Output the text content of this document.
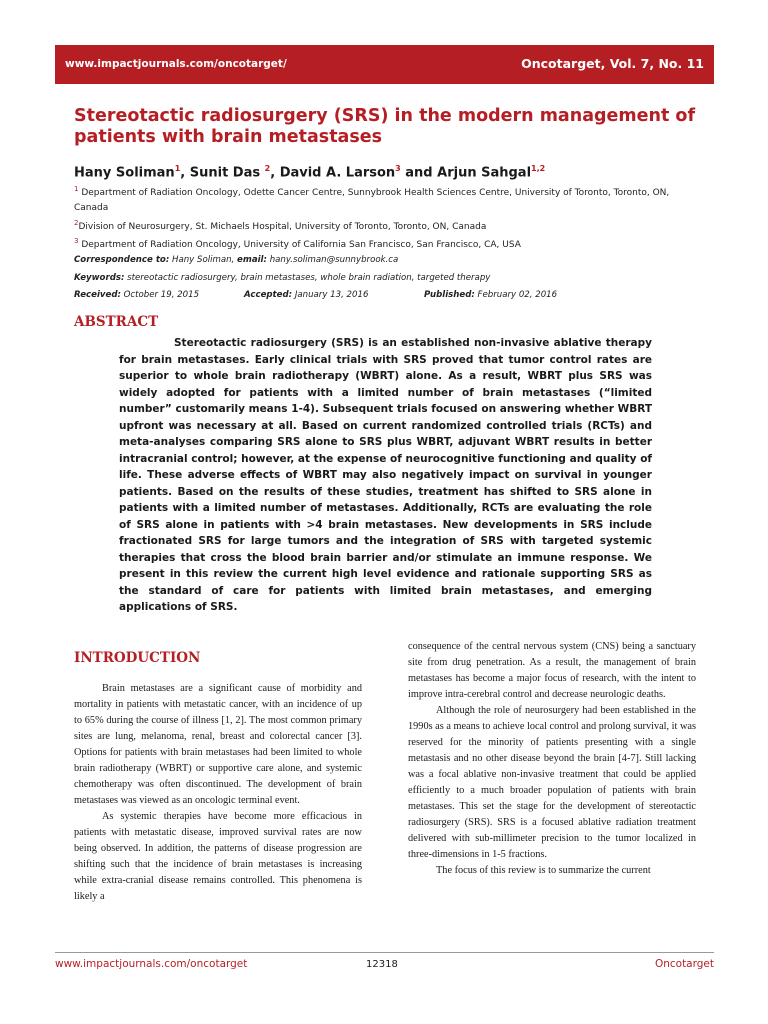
www.impactjournals.com/oncotarget/	Oncotarget, Vol. 7, No. 11
Stereotactic radiosurgery (SRS) in the modern management of patients with brain metastases
Hany Soliman$^1$, Sunit Das $^2$, David A. Larson$^3$ and Arjun Sahgal$^{1,2}$
$^1$ Department of Radiation Oncology, Odette Cancer Centre, Sunnybrook Health Sciences Centre, University of Toronto, Toronto, ON, Canada
$^2$Division of Neurosurgery, St. Michaels Hospital, University of Toronto, Toronto, ON, Canada
$^3$ Department of Radiation Oncology, University of California San Francisco, San Francisco, CA, USA
Correspondence to: Hany Soliman, email: hany.soliman@sunnybrook.ca
Keywords: stereotactic radiosurgery, brain metastases, whole brain radiation, targeted therapy
Received: October 19, 2015	Accepted: January 13, 2016	Published: February 02, 2016
ABSTRACT
Stereotactic radiosurgery (SRS) is an established non-invasive ablative therapy for brain metastases. Early clinical trials with SRS proved that tumor control rates are superior to whole brain radiotherapy (WBRT) alone. As a result, WBRT plus SRS was widely adopted for patients with a limited number of brain metastases (“limited number” customarily means 1-4). Subsequent trials focused on answering whether WBRT upfront was necessary at all. Based on current randomized controlled trials (RCTs) and meta-analyses comparing SRS alone to SRS plus WBRT, adjuvant WBRT results in better intracranial control; however, at the expense of neurocognitive functioning and quality of life. These adverse effects of WBRT may also negatively impact on survival in younger patients. Based on the results of these studies, treatment has shifted to SRS alone in patients with a limited number of metastases. Additionally, RCTs are evaluating the role of SRS alone in patients with >4 brain metastases. New developments in SRS include fractionated SRS for large tumors and the integration of SRS with targeted systemic therapies that cross the blood brain barrier and/or stimulate an immune response. We present in this review the current high level evidence and rationale supporting SRS as the standard of care for patients with limited brain metastases, and emerging applications of SRS.
INTRODUCTION

Brain metastases are a significant cause of morbidity and mortality in patients with metastatic cancer, with an incidence of up to 65% during the course of illness [1, 2]. The most common primary sites are lung, melanoma, renal, breast and colorectal cancer [3]. Options for patients with brain metastases had been limited to whole brain radiotherapy (WBRT) or supportive care alone, and systemic chemotherapy was often discontinued. The development of brain metastases was viewed as an oncologic terminal event.

As systemic therapies have become more efficacious in patients with metastatic disease, improved survival rates are now being observed. In addition, the patterns of disease progression are shifting such that the incidence of brain metastases is increasing while extra-cranial disease remains controlled. This phenomena is likely a

consequence of the central nervous system (CNS) being a sanctuary site from drug penetration. As a result, the management of brain metastases has become a major focus of research, with the intent to improve intra-cerebral control and decrease neurologic deaths.

Although the role of neurosurgery had been established in the 1990s as a means to achieve local control and prolong survival, it was reserved for the minority of patients presenting with a single metastasis and no other disease beyond the brain [4-7]. Still lacking was a focal ablative non-invasive treatment that could be applied efficiently to a much broader population of patients with brain metastases. This set the stage for the development of stereotactic radiosurgery (SRS). SRS is a focused ablative radiation treatment delivered with sub-millimeter precision to the tumor localized in three-dimensions in 1-5 fractions.

The focus of this review is to summarize the current

www.impactjournals.com/oncotarget	12318	Oncotarget
